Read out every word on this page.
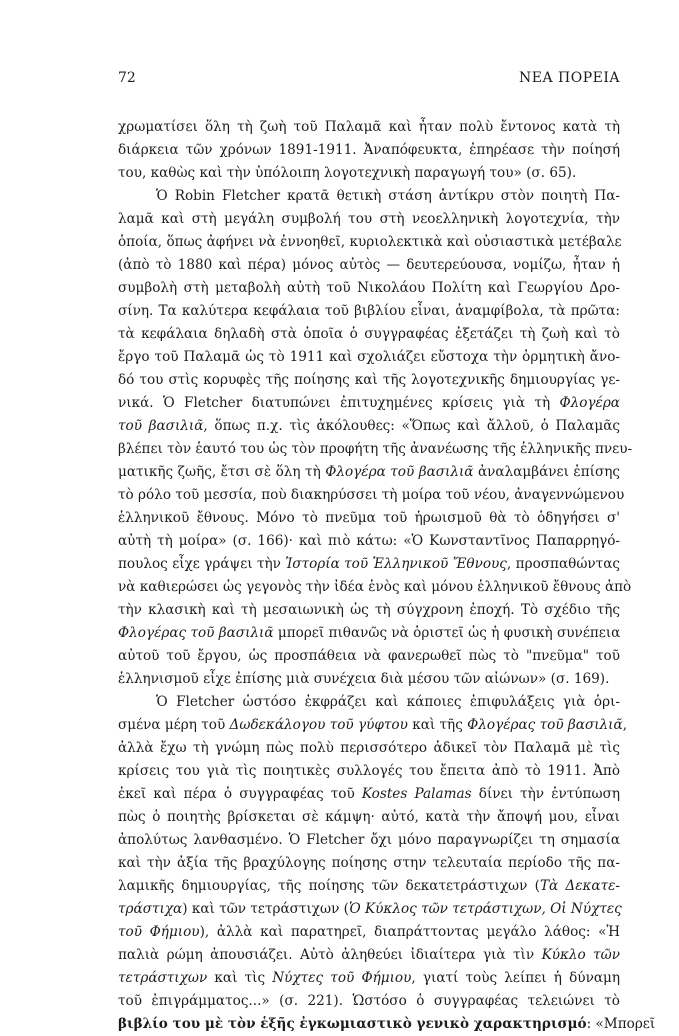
72	ΝΕΑ ΠΟΡΕΙΑ
χρωματίσει ὅλη τὴ ζωὴ τοῦ Παλαμᾶ καὶ ἦταν πολὺ ἔντονος κατὰ τὴ
διάρκεια τῶν χρόνων 1891-1911. Ἀναπόφευκτα, ἐπηρέασε τὴν ποίησή
του, καθὼς καὶ τὴν ὑπόλοιπη λογοτεχνικὴ παραγωγή του» (σ. 65).
Ὁ Robin Fletcher κρατᾶ θετικὴ στάση ἀντίκρυ στὸν ποιητὴ Πα-
λαμᾶ καὶ στὴ μεγάλη συμβολή του στὴ νεοελληνικὴ λογοτεχνία, τὴν
ὁποία, ὅπως ἀφήνει νὰ ἐννοηθεῖ, κυριολεκτικὰ καὶ οὐσιαστικὰ μετέβαλε
(ἀπὸ τὸ 1880 καὶ πέρα) μόνος αὐτὸς — δευτερεύουσα, νομίζω, ἦταν ἡ
συμβολὴ στὴ μεταβολὴ αὐτὴ τοῦ Νικολάου Πολίτη καὶ Γεωργίου Δρο-
σίνη. Τα καλύτερα κεφάλαια τοῦ βιβλίου εἶναι, ἀναμφίβολα, τὰ πρῶτα:
τὰ κεφάλαια δηλαδὴ στὰ ὁποῖα ὁ συγγραφέας ἐξετάζει τὴ ζωὴ καὶ τὸ
ἔργο τοῦ Παλαμᾶ ὡς τὸ 1911 καὶ σχολιάζει εὔστοχα τὴν ὁρμητικὴ ἄνο-
δό του στὶς κορυφὲς τῆς ποίησης καὶ τῆς λογοτεχνικῆς δημιουργίας γε-
νικά. Ὁ Fletcher διατυπώνει ἐπιτυχημένες κρίσεις γιὰ τὴ Φλογέρα
τοῦ βασιλιᾶ, ὅπως π.χ. τὶς ἀκόλουθες: «Ὅπως καὶ ἄλλοῦ, ὁ Παλαμᾶς
βλέπει τὸν ἑαυτό του ὡς τὸν προφήτη τῆς ἀνανέωσης τῆς ἑλληνικῆς πνευ-
ματικῆς ζωῆς, ἔτσι σὲ ὅλη τὴ Φλογέρα τοῦ βασιλιᾶ ἀναλαμβάνει ἐπίσης
τὸ ρόλο τοῦ μεσσία, ποὺ διακηρύσσει τὴ μοίρα τοῦ νέου, ἀναγεννώμενου
ἑλληνικοῦ ἔθνους. Μόνο τὸ πνεῦμα τοῦ ἡρωισμοῦ θὰ τὸ ὁδηγήσει σ'
αὐτὴ τὴ μοίρα» (σ. 166)· καὶ πιὸ κάτω: «Ὁ Κωνσταντῖνος Παπαρρηγό-
πουλος εἶχε γράψει τὴν Ἱστορία τοῦ Ἑλληνικοῦ Ἔθνους, προσπαθώντας
νὰ καθιερώσει ὡς γεγονὸς τὴν ἰδέα ἑνὸς καὶ μόνου ἑλληνικοῦ ἔθνους ἀπὸ
τὴν κλασικὴ καὶ τὴ μεσαιωνικὴ ὡς τὴ σύγχρονη ἐποχή. Τὸ σχέδιο τῆς
Φλογέρας τοῦ βασιλιᾶ μπορεῖ πιθανῶς νὰ ὁριστεῖ ὡς ἡ φυσικὴ συνέπεια
αὐτοῦ τοῦ ἔργου, ὡς προσπάθεια νὰ φανερωθεῖ πὼς τὸ "πνεῦμα" τοῦ
ἑλληνισμοῦ εἶχε ἐπίσης μιὰ συνέχεια διὰ μέσου τῶν αἰώνων» (σ. 169).
Ὁ Fletcher ὡστόσο ἐκφράζει καὶ κάποιες ἐπιφυλάξεις γιὰ ὁρι-
σμένα μέρη τοῦ Δωδεκάλογου τοῦ γύφτου καὶ τῆς Φλογέρας τοῦ βασιλιᾶ,
ἀλλὰ ἔχω τὴ γνώμη πὼς πολὺ περισσότερο ἀδικεῖ τὸν Παλαμᾶ μὲ τὶς
κρίσεις του γιὰ τὶς ποιητικὲς συλλογές του ἔπειτα ἀπὸ τὸ 1911. Ἀπὸ
ἐκεῖ καὶ πέρα ὁ συγγραφέας τοῦ Kostes Palamas δίνει τὴν ἐντύπωση
πὼς ὁ ποιητὴς βρίσκεται σὲ κάμψη· αὐτό, κατὰ τὴν ἄποψή μου, εἶναι
ἀπολύτως λανθασμένο. Ὁ Fletcher ὄχι μόνο παραγνωρίζει τη σημασία
καὶ τὴν ἀξία τῆς βραχύλογης ποίησης στην τελευταία περίοδο τῆς πα-
λαμικῆς δημιουργίας, τῆς ποίησης τῶν δεκατετράστιχων (Τὰ Δεκατε-
τράστιχα) καὶ τῶν τετράστιχων (Ὁ Κύκλος τῶν τετράστιχων, Οἱ Νύχτες
τοῦ Φήμιου), ἀλλὰ καὶ παρατηρεῖ, διαπράττοντας μεγάλο λάθος: «Ἡ
παλιὰ ρώμη ἀπουσιάζει. Αὐτὸ ἀληθεύει ἰδιαίτερα γιὰ τὶν Κύκλο τῶν
τετράστιχων καὶ τὶς Νύχτες τοῦ Φήμιου, γιατί τοὺς λείπει ἡ δύναμη
τοῦ ἐπιγράμματος...» (σ. 221). Ὡστόσο ὁ συγγραφέας τελειώνει τὸ
βιβλίο του μὲ τὸν ἑξῆς ἐγκωμιαστικὸ γενικὸ χαρακτηρισμό: «Μπορεῖ
